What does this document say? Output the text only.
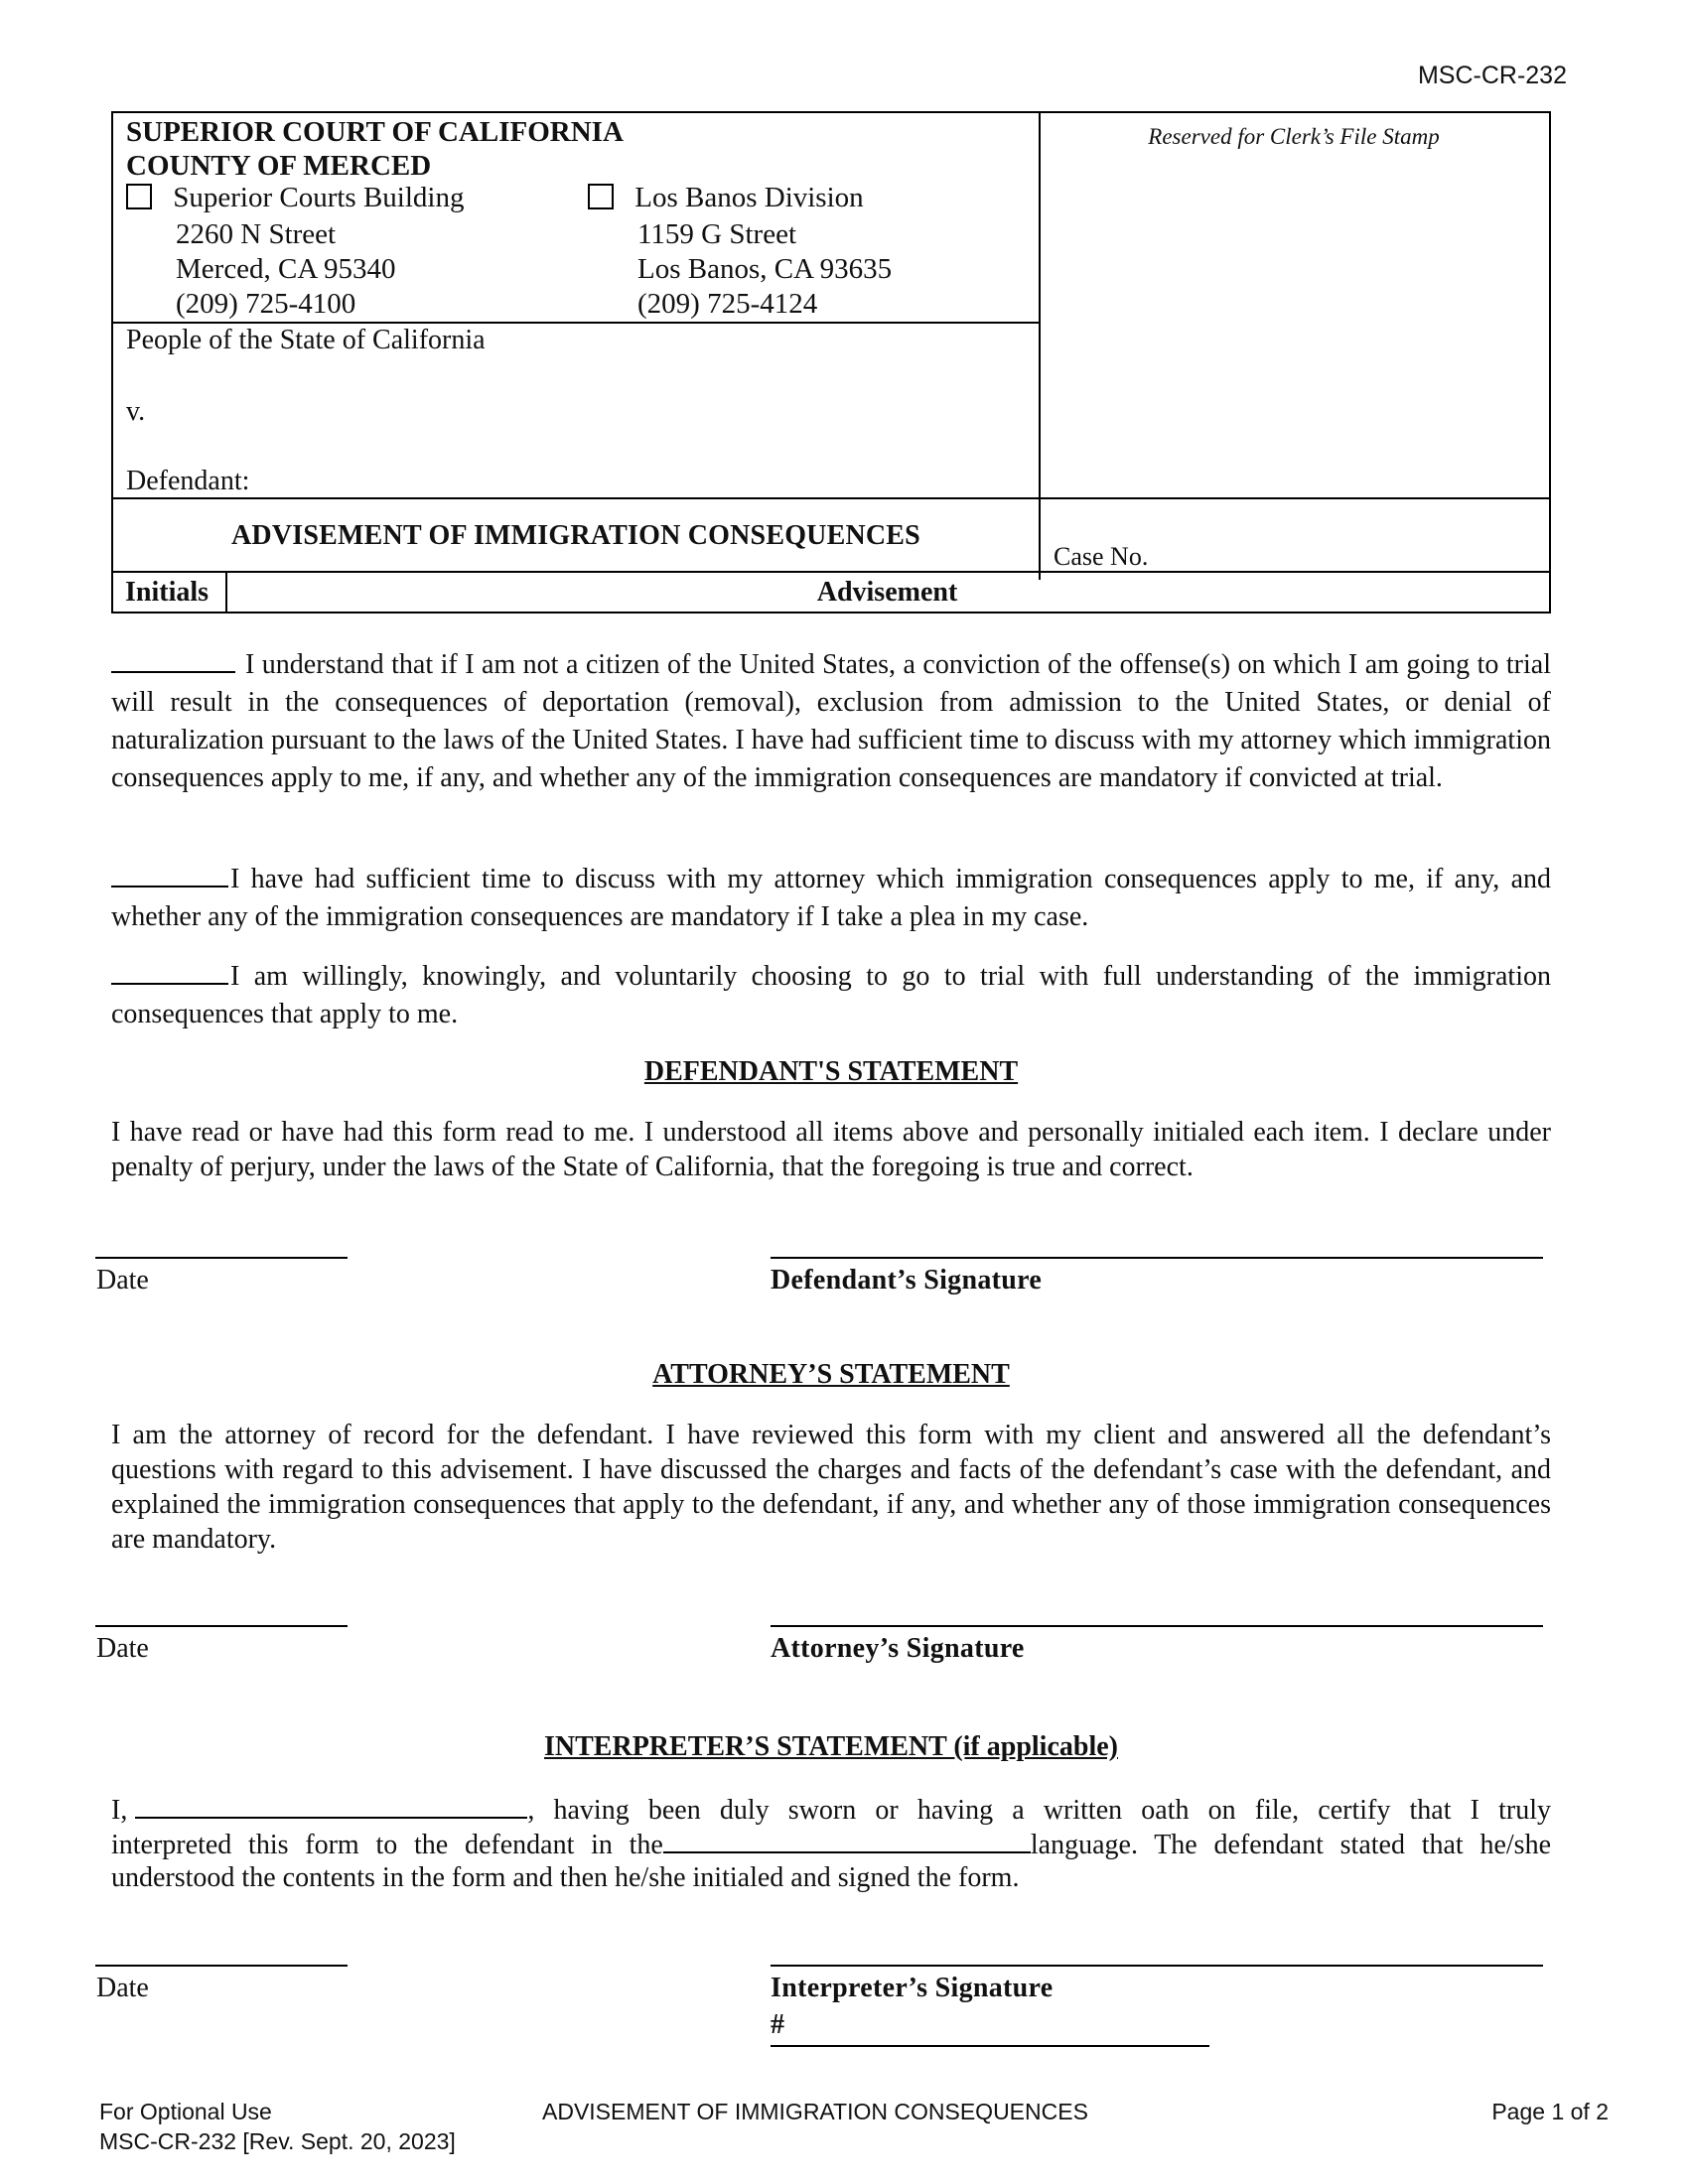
MSC-CR-232
SUPERIOR COURT OF CALIFORNIA
COUNTY OF MERCED
Superior Courts Building
2260 N Street
Merced, CA 95340
(209) 725-4100
Los Banos Division
1159 G Street
Los Banos, CA 93635
(209) 725-4124
People of the State of California
v.
Defendant:
Reserved for Clerk’s File Stamp
ADVISEMENT OF IMMIGRATION CONSEQUENCES
Case No.
Initials	Advisement
I understand that if I am not a citizen of the United States, a conviction of the offense(s) on which I am going to trial will result in the consequences of deportation (removal), exclusion from admission to the United States, or denial of naturalization pursuant to the laws of the United States. I have had sufficient time to discuss with my attorney which immigration consequences apply to me, if any, and whether any of the immigration consequences are mandatory if convicted at trial.
I have had sufficient time to discuss with my attorney which immigration consequences apply to me, if any, and whether any of the immigration consequences are mandatory if I take a plea in my case.
I am willingly, knowingly, and voluntarily choosing to go to trial with full understanding of the immigration consequences that apply to me.
DEFENDANT'S STATEMENT
I have read or have had this form read to me. I understood all items above and personally initialed each item. I declare under penalty of perjury, under the laws of the State of California, that the foregoing is true and correct.
Date	Defendant’s Signature
ATTORNEY’S STATEMENT
I am the attorney of record for the defendant. I have reviewed this form with my client and answered all the defendant’s questions with regard to this advisement. I have discussed the charges and facts of the defendant’s case with the defendant, and explained the immigration consequences that apply to the defendant, if any, and whether any of those immigration consequences are mandatory.
Date	Attorney’s Signature
INTERPRETER’S STATEMENT (if applicable)
I,	, having been duly sworn or having a written oath on file, certify that I truly
interpreted this form to the defendant in the	language. The defendant stated that he/she
understood the contents in the form and then he/she initialed and signed the form.
Date	Interpreter’s Signature
#
For Optional Use
MSC-CR-232 [Rev. Sept. 20, 2023]
ADVISEMENT OF IMMIGRATION CONSEQUENCES	Page 1 of 2
